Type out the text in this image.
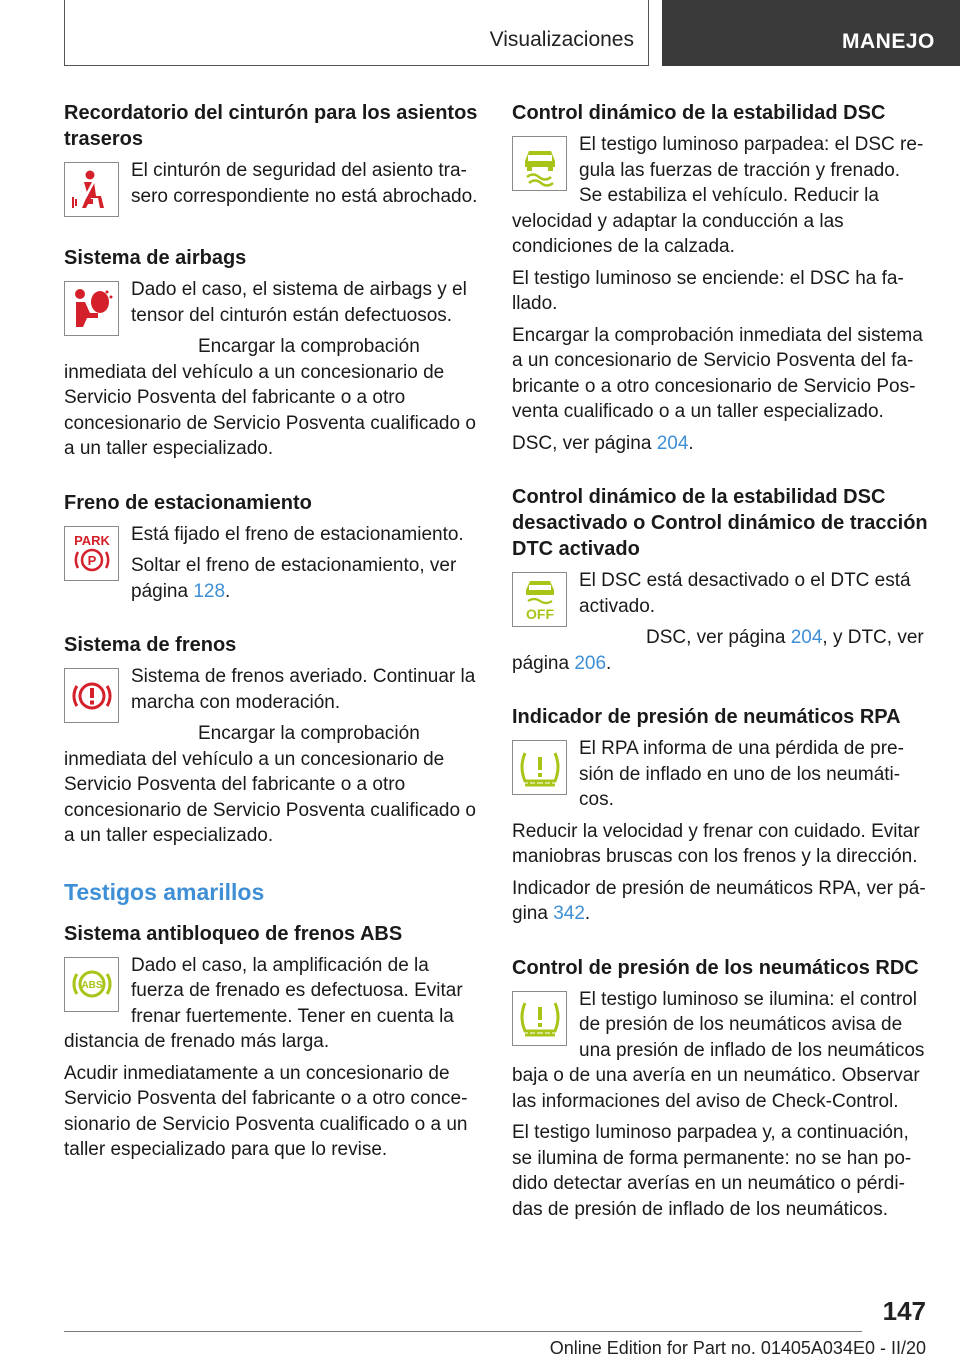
Visualizaciones	MANEJO
Recordatorio del cinturón para los asientos traseros

El cinturón de seguridad del asiento trasero correspondiente no está abrochado.

Sistema de airbags

Dado el caso, el sistema de airbags y el tensor del cinturón están defectuosos.

Encargar la comprobación inmediata del vehículo a un concesionario de Servicio Posventa del fabricante o a otro concesionario de Servicio Posventa cualificado o a un taller especializado.

Freno de estacionamiento
PARK
P

Está fijado el freno de estacionamiento.

Soltar el freno de estacionamiento, ver página 128.

Sistema de frenos

Sistema de frenos averiado. Continuar la marcha con moderación.

Encargar la comprobación inmediata del vehículo a un concesionario de Servicio Posventa del fabricante o a otro concesionario de Servicio Posventa cualificado o a un taller especializado.

Testigos amarillos
Sistema antibloqueo de frenos ABS
ABS

Dado el caso, la amplificación de la fuerza de frenado es defectuosa. Evitar frenar fuertemente. Tener en cuenta la distancia de frenado más larga.

Acudir inmediatamente a un concesionario de Servicio Posventa del fabricante o a otro concesionario de Servicio Posventa cualificado o a un taller especializado para que lo revise.

Control dinámico de la estabilidad DSC

El testigo luminoso parpadea: el DSC regula las fuerzas de tracción y frenado. Se estabiliza el vehículo. Reducir la velocidad y adaptar la conducción a las condiciones de la calzada.

El testigo luminoso se enciende: el DSC ha fallado.

Encargar la comprobación inmediata del sistema a un concesionario de Servicio Posventa del fabricante o a otro concesionario de Servicio Posventa cualificado o a un taller especializado.

DSC, ver página 204.

Control dinámico de la estabilidad DSC desactivado o Control dinámico de tracción DTC activado
OFF

El DSC está desactivado o el DTC está activado.

DSC, ver página 204, y DTC, ver página 206.

Indicador de presión de neumáticos RPA

El RPA informa de una pérdida de presión de inflado en uno de los neumáticos.

Reducir la velocidad y frenar con cuidado. Evitar maniobras bruscas con los frenos y la dirección.

Indicador de presión de neumáticos RPA, ver página 342.

Control de presión de los neumáticos RDC

El testigo luminoso se ilumina: el control de presión de los neumáticos avisa de una presión de inflado de los neumáticos baja o de una avería en un neumático. Observar las informaciones del aviso de Check-Control.

El testigo luminoso parpadea y, a continuación, se ilumina de forma permanente: no se han podido detectar averías en un neumático o pérdidas de presión de inflado de los neumáticos.

147
Online Edition for Part no. 01405A034E0 - II/20
